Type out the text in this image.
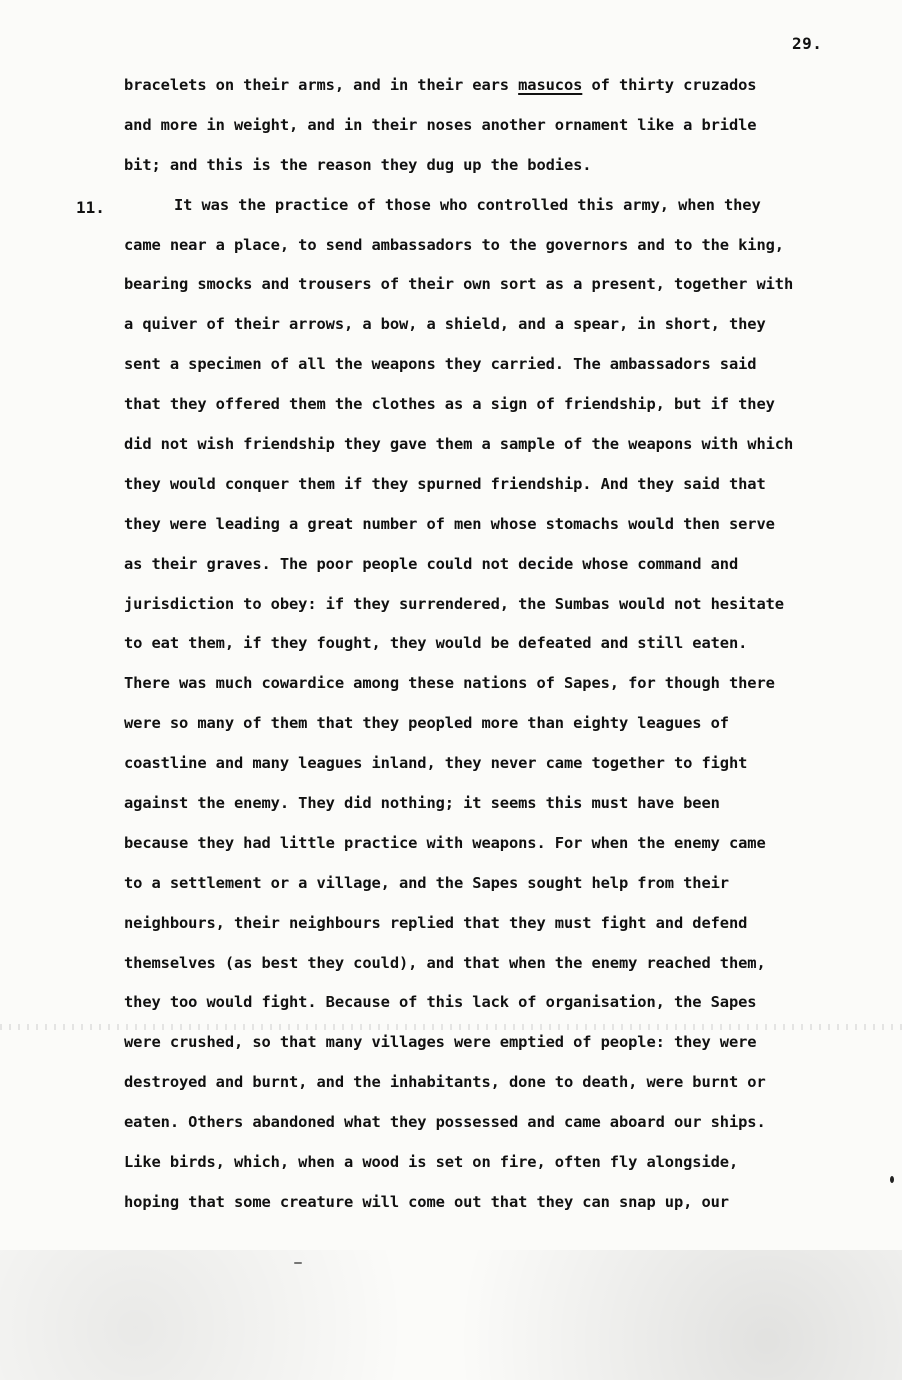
29.
11.
bracelets on their arms, and in their ears masucos of thirty cruzados
and more in weight, and in their noses another ornament like a bridle
bit; and this is the reason they dug up the bodies.
It was the practice of those who controlled this army, when they
came near a place, to send ambassadors to the governors and to the king,
bearing smocks and trousers of their own sort as a present, together with
a quiver of their arrows, a bow, a shield, and a spear, in short, they
sent a specimen of all the weapons they carried. The ambassadors said
that they offered them the clothes as a sign of friendship, but if they
did not wish friendship they gave them a sample of the weapons with which
they would conquer them if they spurned friendship. And they said that
they were leading a great number of men whose stomachs would then serve
as their graves. The poor people could not decide whose command and
jurisdiction to obey: if they surrendered, the Sumbas would not hesitate
to eat them, if they fought, they would be defeated and still eaten.
There was much cowardice among these nations of Sapes, for though there
were so many of them that they peopled more than eighty leagues of
coastline and many leagues inland, they never came together to fight
against the enemy. They did nothing; it seems this must have been
because they had little practice with weapons. For when the enemy came
to a settlement or a village, and the Sapes sought help from their
neighbours, their neighbours replied that they must fight and defend
themselves (as best they could), and that when the enemy reached them,
they too would fight. Because of this lack of organisation, the Sapes
were crushed, so that many villages were emptied of people: they were
destroyed and burnt, and the inhabitants, done to death, were burnt or
eaten. Others abandoned what they possessed and came aboard our ships.
Like birds, which, when a wood is set on fire, often fly alongside,
hoping that some creature will come out that they can snap up, our
